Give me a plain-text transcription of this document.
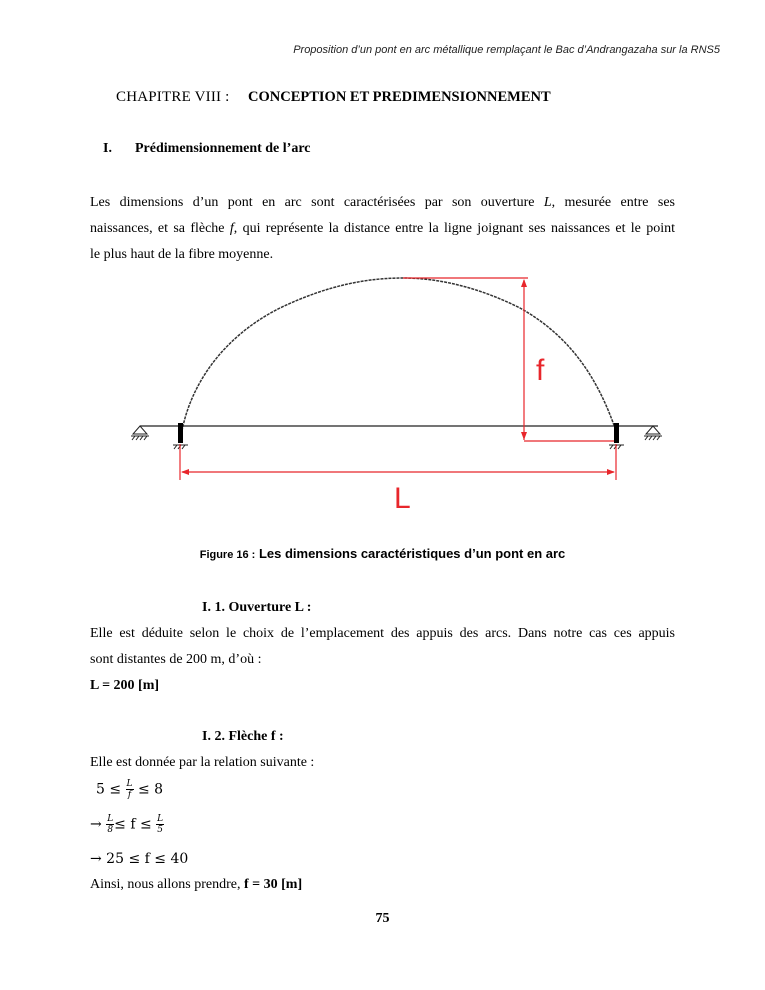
Proposition d’un pont en arc métallique remplaçant le Bac d’Andrangazaha sur la RNS5
CHAPITRE VIII : CONCEPTION ET PREDIMENSIONNEMENT
I. Prédimensionnement de l’arc
Les dimensions d’un pont en arc sont caractérisées par son ouverture L, mesurée entre ses
naissances, et sa flèche f, qui représente la distance entre la ligne joignant ses naissances et le point
le plus haut de la fibre moyenne.
f
L
Figure 16 : Les dimensions caractéristiques d’un pont en arc
I. 1. Ouverture L :
Elle est déduite selon le choix de l’emplacement des appuis des arcs. Dans notre cas ces appuis
sont distantes de 200 m, d’où :
L = 200 [m]
I. 2. Flèche f :
Elle est donnée par la relation suivante :
$5 \le \frac{L}{f} \le 8$
→ $\frac{L}{8} \le f \le \frac{L}{5}$
→ 25 ≤ f ≤ 40
Ainsi, nous allons prendre, f = 30 [m]
75
